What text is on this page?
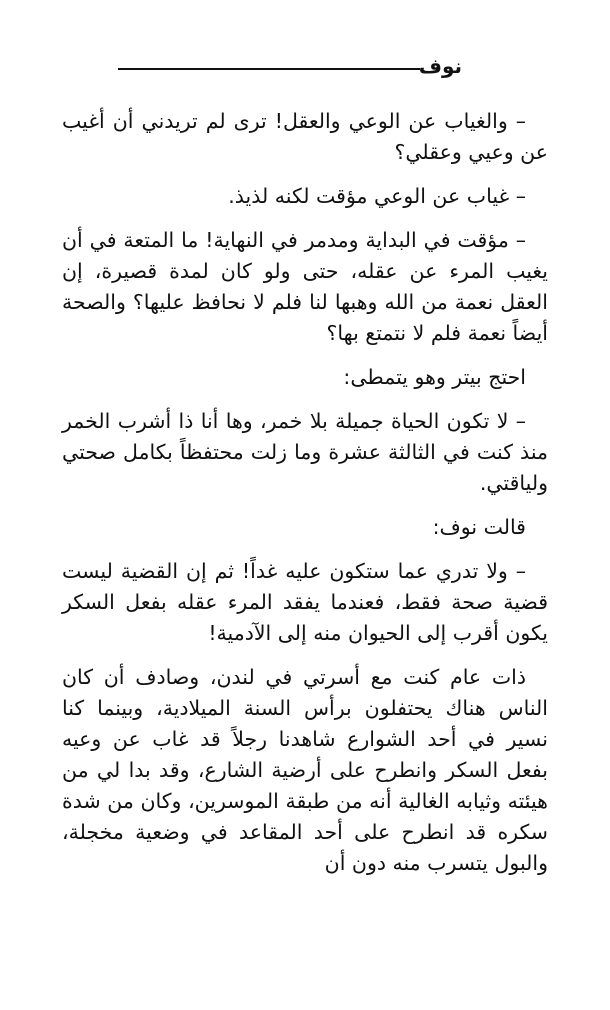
نوف

– والغياب عن الوعي والعقل! ترى لم تريدني أن أغيب عن وعيي وعقلي؟

– غياب عن الوعي مؤقت لكنه لذيذ.

– مؤقت في البداية ومدمر في النهاية! ما المتعة في أن يغيب المرء عن عقله، حتى ولو كان لمدة قصيرة، إن العقل نعمة من الله وهبها لنا فلم لا نحافظ عليها؟ والصحة أيضاً نعمة فلم لا نتمتع بها؟

احتج بيتر وهو يتمطى:

– لا تكون الحياة جميلة بلا خمر، وها أنا ذا أشرب الخمر منذ كنت في الثالثة عشرة وما زلت محتفظاً بكامل صحتي ولياقتي.

قالت نوف:

– ولا تدري عما ستكون عليه غداً! ثم إن القضية ليست قضية صحة فقط، فعندما يفقد المرء عقله بفعل السكر يكون أقرب إلى الحيوان منه إلى الآدمية!

ذات عام كنت مع أسرتي في لندن، وصادف أن كان الناس هناك يحتفلون برأس السنة الميلادية، وبينما كنا نسير في أحد الشوارع شاهدنا رجلاً قد غاب عن وعيه بفعل السكر وانطرح على أرضية الشارع، وقد بدا لي من هيئته وثيابه الغالية أنه من طبقة الموسرين، وكان من شدة سكره قد انطرح على أحد المقاعد في وضعية مخجلة، والبول يتسرب منه دون أن
